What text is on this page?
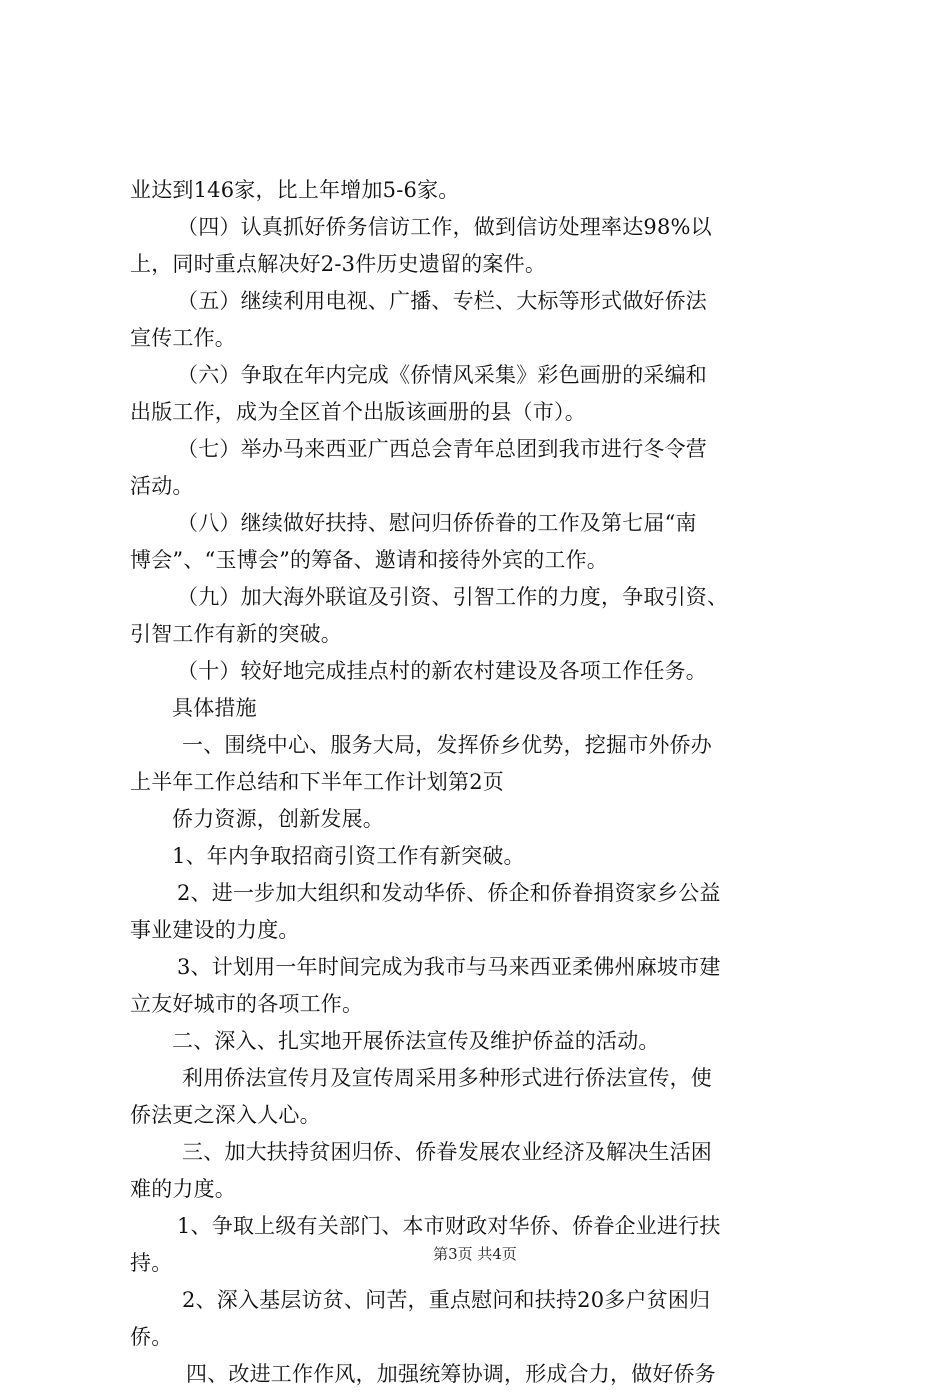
业达到146家，比上年增加5-6家。
（四）认真抓好侨务信访工作，做到信访处理率达98%以
上，同时重点解决好2-3件历史遗留的案件。
（五）继续利用电视、广播、专栏、大标等形式做好侨法
宣传工作。
（六）争取在年内完成《侨情风采集》彩色画册的采编和
出版工作，成为全区首个出版该画册的县（市）。
（七）举办马来西亚广西总会青年总团到我市进行冬令营
活动。
（八）继续做好扶持、慰问归侨侨眷的工作及第七届“南
博会”、“玉博会”的筹备、邀请和接待外宾的工作。
（九）加大海外联谊及引资、引智工作的力度，争取引资、
引智工作有新的突破。
（十）较好地完成挂点村的新农村建设及各项工作任务。
具体措施
一、围绕中心、服务大局，发挥侨乡优势，挖掘市外侨办
上半年工作总结和下半年工作计划第2页
侨力资源，创新发展。
1、年内争取招商引资工作有新突破。
2、进一步加大组织和发动华侨、侨企和侨眷捐资家乡公益
事业建设的力度。
3、计划用一年时间完成为我市与马来西亚柔佛州麻坡市建
立友好城市的各项工作。
二、深入、扎实地开展侨法宣传及维护侨益的活动。
利用侨法宣传月及宣传周采用多种形式进行侨法宣传，使
侨法更之深入人心。
三、加大扶持贫困归侨、侨眷发展农业经济及解决生活困
难的力度。
1、争取上级有关部门、本市财政对华侨、侨眷企业进行扶
持。
2、深入基层访贫、问苦，重点慰问和扶持20多户贫困归
侨。
四、改进工作作风，加强统筹协调，形成合力，做好侨务
第3页 共4页
